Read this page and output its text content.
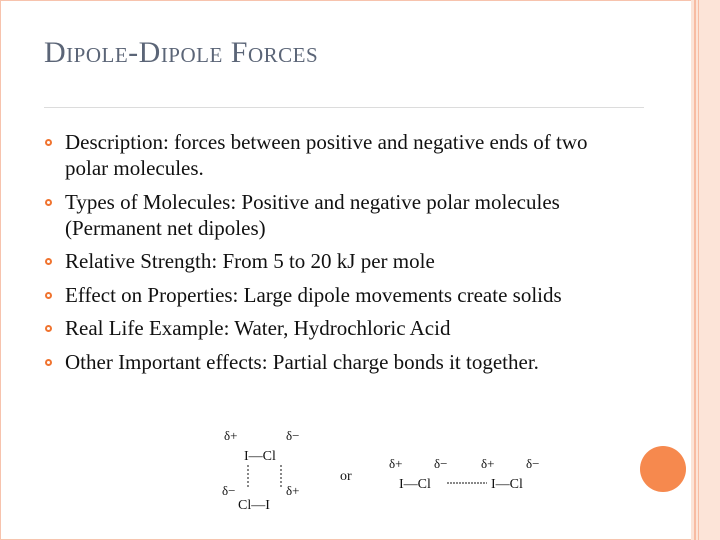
Dipole-Dipole Forces
Description: forces between positive and negative ends of two polar molecules.
Types of Molecules: Positive and negative polar molecules (Permanent net dipoles)
Relative Strength: From 5 to 20 kJ per mole
Effect on Properties: Large dipole movements create solids
Real Life Example: Water, Hydrochloric Acid
Other Important effects: Partial charge bonds it together.
δ+	δ−
I—Cl
δ−	δ+
Cl—I
or
δ+ δ−	δ+ δ−
I—Cl	I—Cl
